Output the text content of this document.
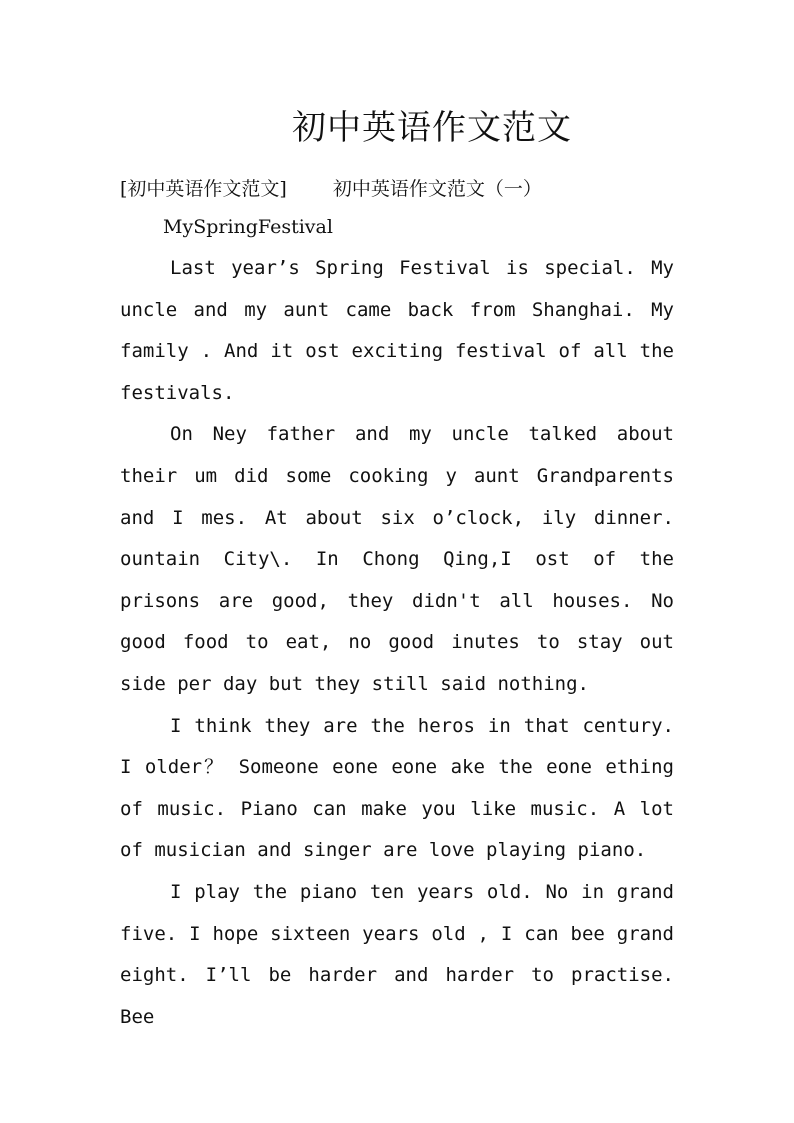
初中英语作文范文
[初中英语作文范文] 初中英语作文范文（一）
MySpringFestival

Last year’s Spring Festival is special. My uncle and my aunt came back from Shanghai. My family . And it ost exciting festival of all the festivals.

On Ney father and my uncle talked about their um did some cooking y aunt Grandparents and I mes. At about six o’clock, ily dinner. ountain City\. In Chong Qing,I ost of the prisons are good, they didn't all houses. No good food to eat, no good inutes to stay out side per day but they still said nothing.

I think they are the heros in that century. I older？ Someone eone eone ake the eone ething of music. Piano can make you like music. A lot of musician and singer are love playing piano.

I play the piano ten years old. No in grand five. I hope sixteen years old , I can bee grand eight. I’ll be harder and harder to practise. Bee
